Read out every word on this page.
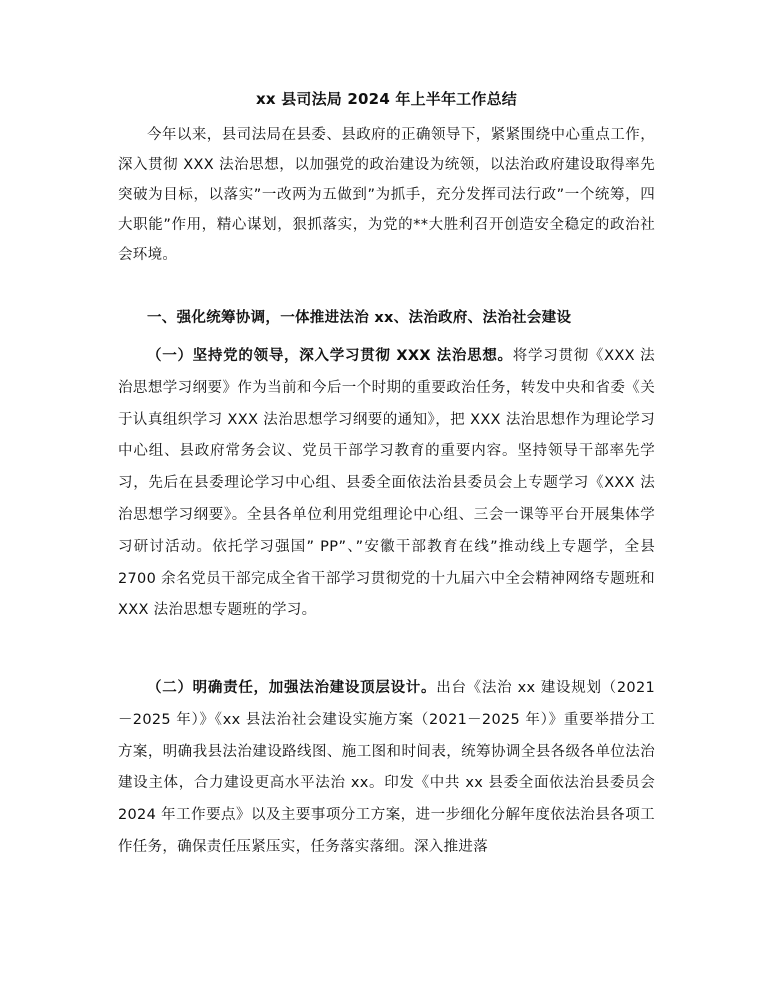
xx 县司法局 2024 年上半年工作总结

今年以来，县司法局在县委、县政府的正确领导下，紧紧围绕中心重点工作，深入贯彻 XXX 法治思想，以加强党的政治建设为统领，以法治政府建设取得率先突破为目标，以落实”一改两为五做到”为抓手，充分发挥司法行政”一个统筹，四大职能”作用，精心谋划，狠抓落实，为党的**大胜利召开创造安全稳定的政治社会环境。

一、强化统筹协调，一体推进法治 xx、法治政府、法治社会建设

（一）坚持党的领导，深入学习贯彻 XXX 法治思想。将学习贯彻《XXX 法治思想学习纲要》作为当前和今后一个时期的重要政治任务，转发中央和省委《关于认真组织学习 XXX 法治思想学习纲要的通知》，把 XXX 法治思想作为理论学习中心组、县政府常务会议、党员干部学习教育的重要内容。坚持领导干部率先学习，先后在县委理论学习中心组、县委全面依法治县委员会上专题学习《XXX 法治思想学习纲要》。全县各单位利用党组理论中心组、三会一课等平台开展集体学习研讨活动。依托学习强国” PP”、”安徽干部教育在线”推动线上专题学，全县 2700 余名党员干部完成全省干部学习贯彻党的十九届六中全会精神网络专题班和 XXX 法治思想专题班的学习。

（二）明确责任，加强法治建设顶层设计。出台《法治 xx 建设规划（2021－2025 年）》《xx 县法治社会建设实施方案（2021－2025 年）》重要举措分工方案，明确我县法治建设路线图、施工图和时间表，统筹协调全县各级各单位法治建设主体，合力建设更高水平法治 xx。印发《中共 xx 县委全面依法治县委员会 2024 年工作要点》以及主要事项分工方案，进一步细化分解年度依法治县各项工作任务，确保责任压紧压实，任务落实落细。深入推进落
